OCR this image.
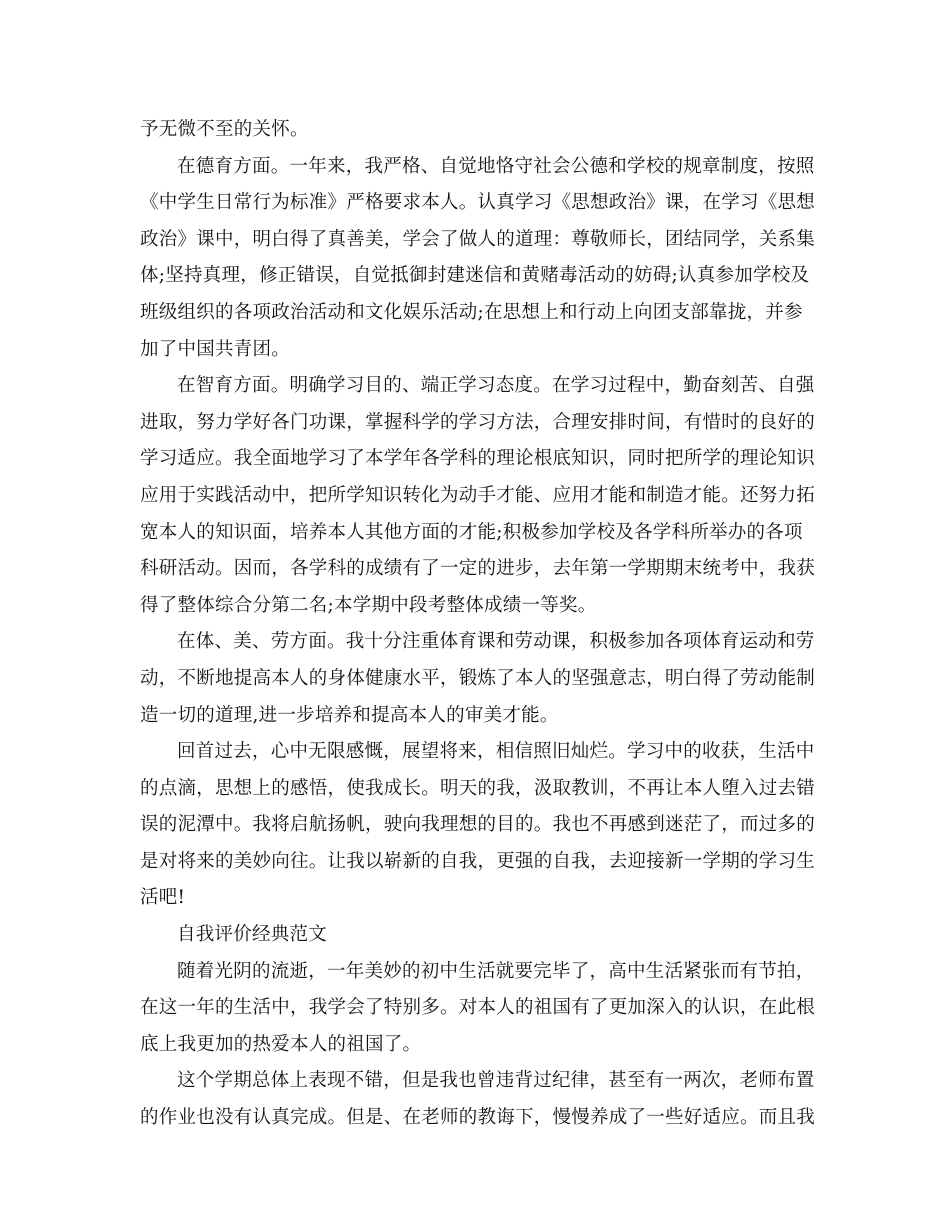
予无微不至的关怀。

在德育方面。一年来，我严格、自觉地恪守社会公德和学校的规章制度，按照
《中学生日常行为标准》严格要求本人。认真学习《思想政治》课，在学习《思想
政治》课中，明白得了真善美，学会了做人的道理：尊敬师长，团结同学，关系集
体;坚持真理，修正错误，自觉抵御封建迷信和黄赌毒活动的妨碍;认真参加学校及
班级组织的各项政治活动和文化娱乐活动;在思想上和行动上向团支部靠拢，并参
加了中国共青团。

在智育方面。明确学习目的、端正学习态度。在学习过程中，勤奋刻苦、自强
进取，努力学好各门功课，掌握科学的学习方法，合理安排时间，有惜时的良好的
学习适应。我全面地学习了本学年各学科的理论根底知识，同时把所学的理论知识
应用于实践活动中，把所学知识转化为动手才能、应用才能和制造才能。还努力拓
宽本人的知识面，培养本人其他方面的才能;积极参加学校及各学科所举办的各项
科研活动。因而，各学科的成绩有了一定的进步，去年第一学期期末统考中，我获
得了整体综合分第二名;本学期中段考整体成绩一等奖。

在体、美、劳方面。我十分注重体育课和劳动课，积极参加各项体育运动和劳
动，不断地提高本人的身体健康水平，锻炼了本人的坚强意志，明白得了劳动能制
造一切的道理,进一步培养和提高本人的审美才能。

回首过去，心中无限感慨，展望将来，相信照旧灿烂。学习中的收获，生活中
的点滴，思想上的感悟，使我成长。明天的我，汲取教训，不再让本人堕入过去错
误的泥潭中。我将启航扬帆，驶向我理想的目的。我也不再感到迷茫了，而过多的
是对将来的美妙向往。让我以崭新的自我，更强的自我，去迎接新一学期的学习生
活吧!

自我评价经典范文

随着光阴的流逝，一年美妙的初中生活就要完毕了，高中生活紧张而有节拍，
在这一年的生活中，我学会了特别多。对本人的祖国有了更加深入的认识，在此根
底上我更加的热爱本人的祖国了。

这个学期总体上表现不错，但是我也曾违背过纪律，甚至有一两次，老师布置
的作业也没有认真完成。但是、在老师的教诲下，慢慢养成了一些好适应。而且我
